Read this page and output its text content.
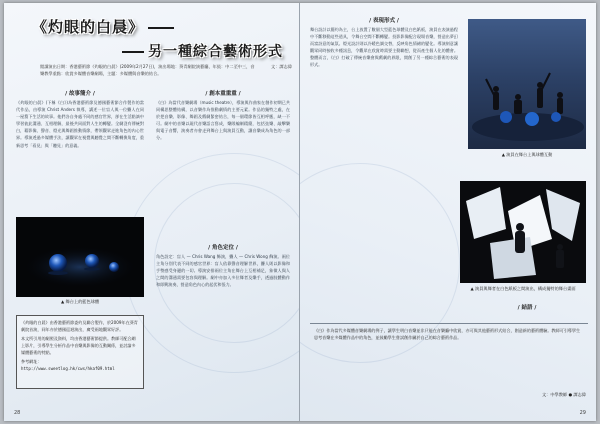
《灼眼的白晨》
另一種綜合藝術形式
閱讀演出日期：香港藝術節《灼眼的白晨》(2009年2月27日)，演出場地：葵青劇院演藝廳，年級：中二至中三，音樂教學重點：欣賞多媒體音樂劇場，主題：多媒體與音樂的結合。
文：譚志偉
/ 故事簡介 /
《灼眼的白晨》(下稱《白》)為香港藝術節及德國藝術節合作製作的當代作品，由導演 Christ Anders 執導，講述一位盲人與一位聾人在同一屋簷下生活的故事。他們各自身處不同的感官世界，卻在生活點滴中學習彼此溝通、互相理解，最後共同面對人生的轉變。全劇沒有傳統對白，藉影像、聲音、燈光與舞蹈推動情節，帶領觀眾走進角色的內心世界。導演透過多媒體手法，讓觀眾在視覺與聽覺之間不斷轉換角度，重新思考「看見」與「聽見」的意義。
▲ 舞台上的藍色球體

《灼眼的白晨》由香港藝術節委約及聯合製作，於2009年在葵青劇院首演，同年亦於德國巡迴演出，廣受兩地觀眾好評。

本文所引用的劇照及資料，均由香港藝術節提供。教師可配合網上影片，引導學生分析作品中音樂與影像的互動關係，並討論多媒體藝術的特點。

參考網址：
http://www.sweetlog.hk/cws/hkaf09.html

/ 創本重重重 /
《白》為當代音樂劇場（music theatre），導演與作曲家在創作初期已共同構思整體結構，以音樂作為推動劇情的主要元素。作品的獨特之處，在於把音樂、影像、舞蹈及戲劇緊密結合，每一個環節皆互相呼應，缺一不可。劇中的音樂以現代音樂語言寫成，樂隊編制精簡，包括弦樂、敲擊樂與電子音響，演奏者亦會走到舞台上與演員互動，讓音樂成為角色的一部分。
/ 角色定位 /
角色設定：盲人 — Chris Wang 飾演，聾人 — Chris Wong 飾演。兩位主角分別代表不同的感官世界：盲人依靠聲音理解世界，聾人則以影像和手勢感受身邊的一切。導演安排兩位主角在舞台上互相補足，象徵人與人之間的溝通需要包容與理解。劇中亦加入多位舞者及樂手，透過肢體動作和即興演奏，營造角色內心的起伏和張力。
28
/ 表現形式 /
舞台設計以簡約為主，台上放置了數個大型藍色球體及白色紙板，演員在表演過程中不斷移動這些道具，令舞台空間不斷轉變。投影影像配合現場音樂，營造出夢幻而富詩意的氣氛。燈光設計則以冷暖色調交替，反映角色情緒的變化。導演刻意讓觀眾同時接收多種訊息，令觀眾在欣賞時需要主動聯想，從而產生個人化的體會。整體而言，《白》打破了傳統音樂會與戲劇的界限，開創了另一種綜合藝術的表現形式。
▲ 演員在舞台上與球體互動
▲ 演員與舞者在白色紙板之間演出，構成獨特的舞台畫面
/ 結語 /
《白》作為當代多媒體音樂劇場的例子，讓學生明白音樂並非只能在音樂廳中欣賞，亦可與其他藝術形式結合，創造新的藝術體驗。教師可引導學生思考音樂在多媒體作品中的角色，並鼓勵學生嘗試創作屬於自己的綜合藝術作品。
文：中學教師 ● 譚志偉
29
